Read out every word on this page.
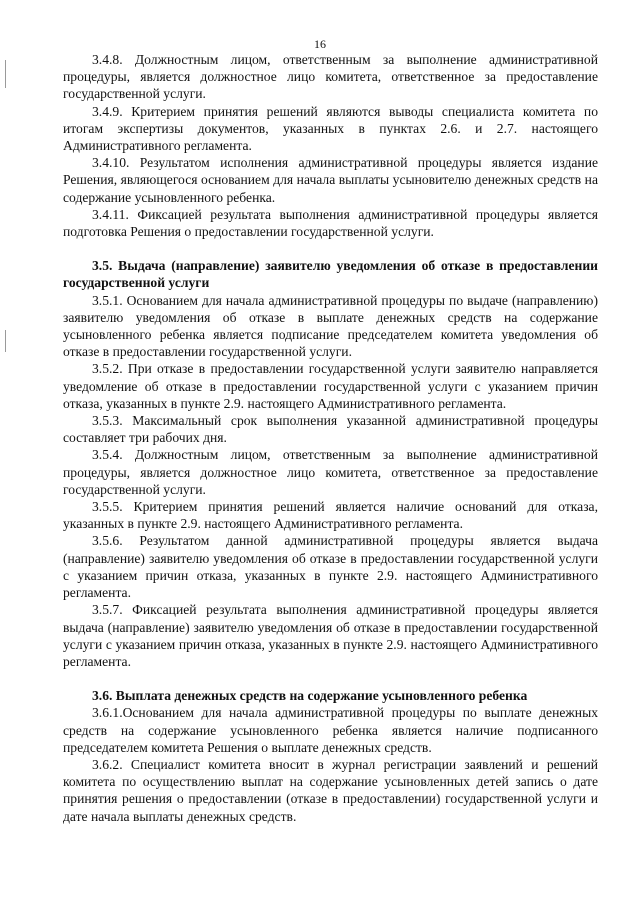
16

3.4.8. Должностным лицом, ответственным за выполнение административной процедуры, является должностное лицо комитета, ответственное за предоставление государственной услуги.

3.4.9. Критерием принятия решений являются выводы специалиста комитета по итогам экспертизы документов, указанных в пунктах 2.6. и 2.7. настоящего Административного регламента.

3.4.10. Результатом исполнения административной процедуры является издание Решения, являющегося основанием для начала выплаты усыновителю денежных средств на содержание усыновленного ребенка.

3.4.11. Фиксацией результата выполнения административной процедуры является подготовка Решения о предоставлении государственной услуги.

3.5. Выдача (направление) заявителю уведомления об отказе в предоставлении государственной услуги

3.5.1. Основанием для начала административной процедуры по выдаче (направлению) заявителю уведомления об отказе в выплате денежных средств на содержание усыновленного ребенка является подписание председателем комитета уведомления об отказе в предоставлении государственной услуги.

3.5.2. При отказе в предоставлении государственной услуги заявителю направляется уведомление об отказе в предоставлении государственной услуги с указанием причин отказа, указанных в пункте 2.9. настоящего Административного регламента.

3.5.3. Максимальный срок выполнения указанной административной процедуры составляет три рабочих дня.

3.5.4. Должностным лицом, ответственным за выполнение административной процедуры, является должностное лицо комитета, ответственное за предоставление государственной услуги.

3.5.5. Критерием принятия решений является наличие оснований для отказа, указанных в пункте 2.9. настоящего Административного регламента.

3.5.6. Результатом данной административной процедуры является выдача (направление) заявителю уведомления об отказе в предоставлении государственной услуги с указанием причин отказа, указанных в пункте 2.9. настоящего Административного регламента.

3.5.7. Фиксацией результата выполнения административной процедуры является выдача (направление) заявителю уведомления об отказе в предоставлении государственной услуги с указанием причин отказа, указанных в пункте 2.9. настоящего Административного регламента.

3.6. Выплата денежных средств на содержание усыновленного ребенка

3.6.1.Основанием для начала административной процедуры по выплате денежных средств на содержание усыновленного ребенка является наличие подписанного председателем комитета Решения о выплате денежных средств.

3.6.2. Специалист комитета вносит в журнал регистрации заявлений и решений комитета по осуществлению выплат на содержание усыновленных детей запись о дате принятия решения о предоставлении (отказе в предоставлении) государственной услуги и дате начала выплаты денежных средств.
